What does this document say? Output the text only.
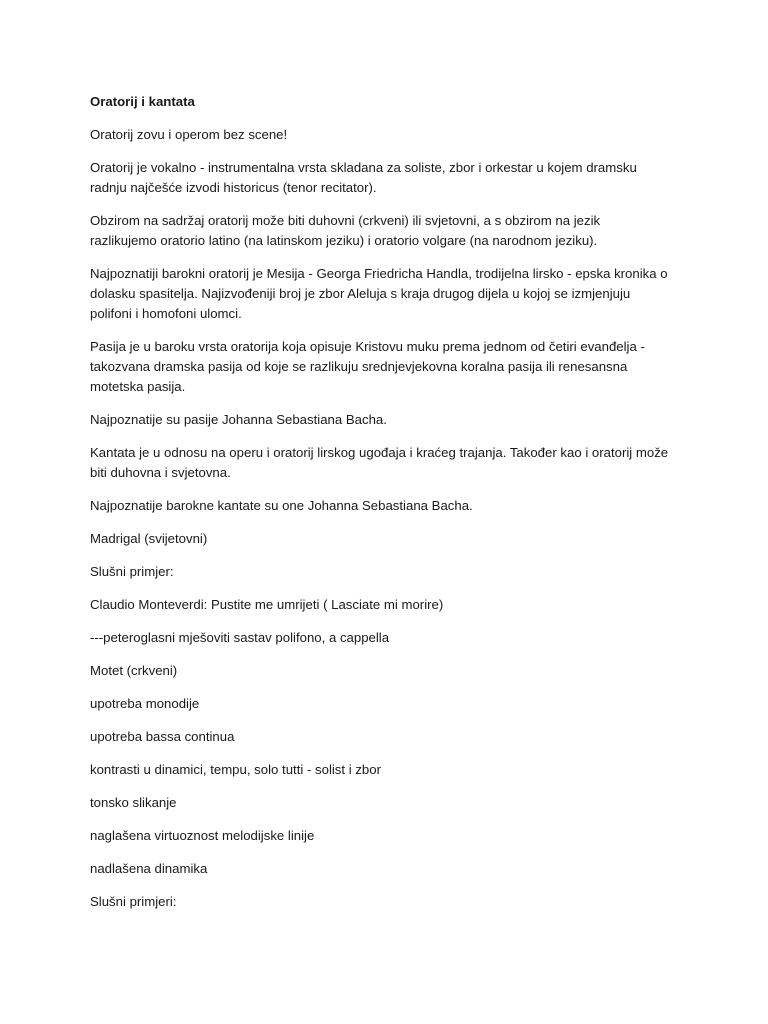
Oratorij i kantata

Oratorij zovu i operom bez scene!

Oratorij je vokalno - instrumentalna vrsta skladana za soliste, zbor i orkestar u kojem dramsku radnju najčešće izvodi historicus (tenor recitator).

Obzirom na sadržaj oratorij može biti duhovni (crkveni) ili svjetovni, a s obzirom na jezik razlikujemo oratorio latino (na latinskom jeziku) i oratorio volgare (na narodnom jeziku).

Najpoznatiji barokni oratorij je Mesija - Georga Friedricha Handla, trodijelna lirsko - epska kronika o dolasku spasitelja. Najizvođeniji broj je zbor Aleluja s kraja drugog dijela u kojoj se izmjenjuju polifoni i homofoni ulomci.

Pasija je u baroku vrsta oratorija koja opisuje Kristovu muku prema jednom od četiri evanđelja - takozvana dramska pasija od koje se razlikuju srednjevjekovna koralna pasija ili renesansna motetska pasija.

Najpoznatije su pasije Johanna Sebastiana Bacha.

Kantata je u odnosu na operu i oratorij lirskog ugođaja i kraćeg trajanja. Također kao i oratorij može biti duhovna i svjetovna.

Najpoznatije barokne kantate su one Johanna Sebastiana Bacha.

Madrigal (svijetovni)

Slušni primjer:

Claudio Monteverdi: Pustite me umrijeti ( Lasciate mi morire)

---peteroglasni mješoviti sastav polifono, a cappella

Motet (crkveni)

upotreba monodije

upotreba bassa continua

kontrasti u dinamici, tempu, solo tutti - solist i zbor

tonsko slikanje

naglašena virtuoznost melodijske linije

nadlašena dinamika

Slušni primjeri:
